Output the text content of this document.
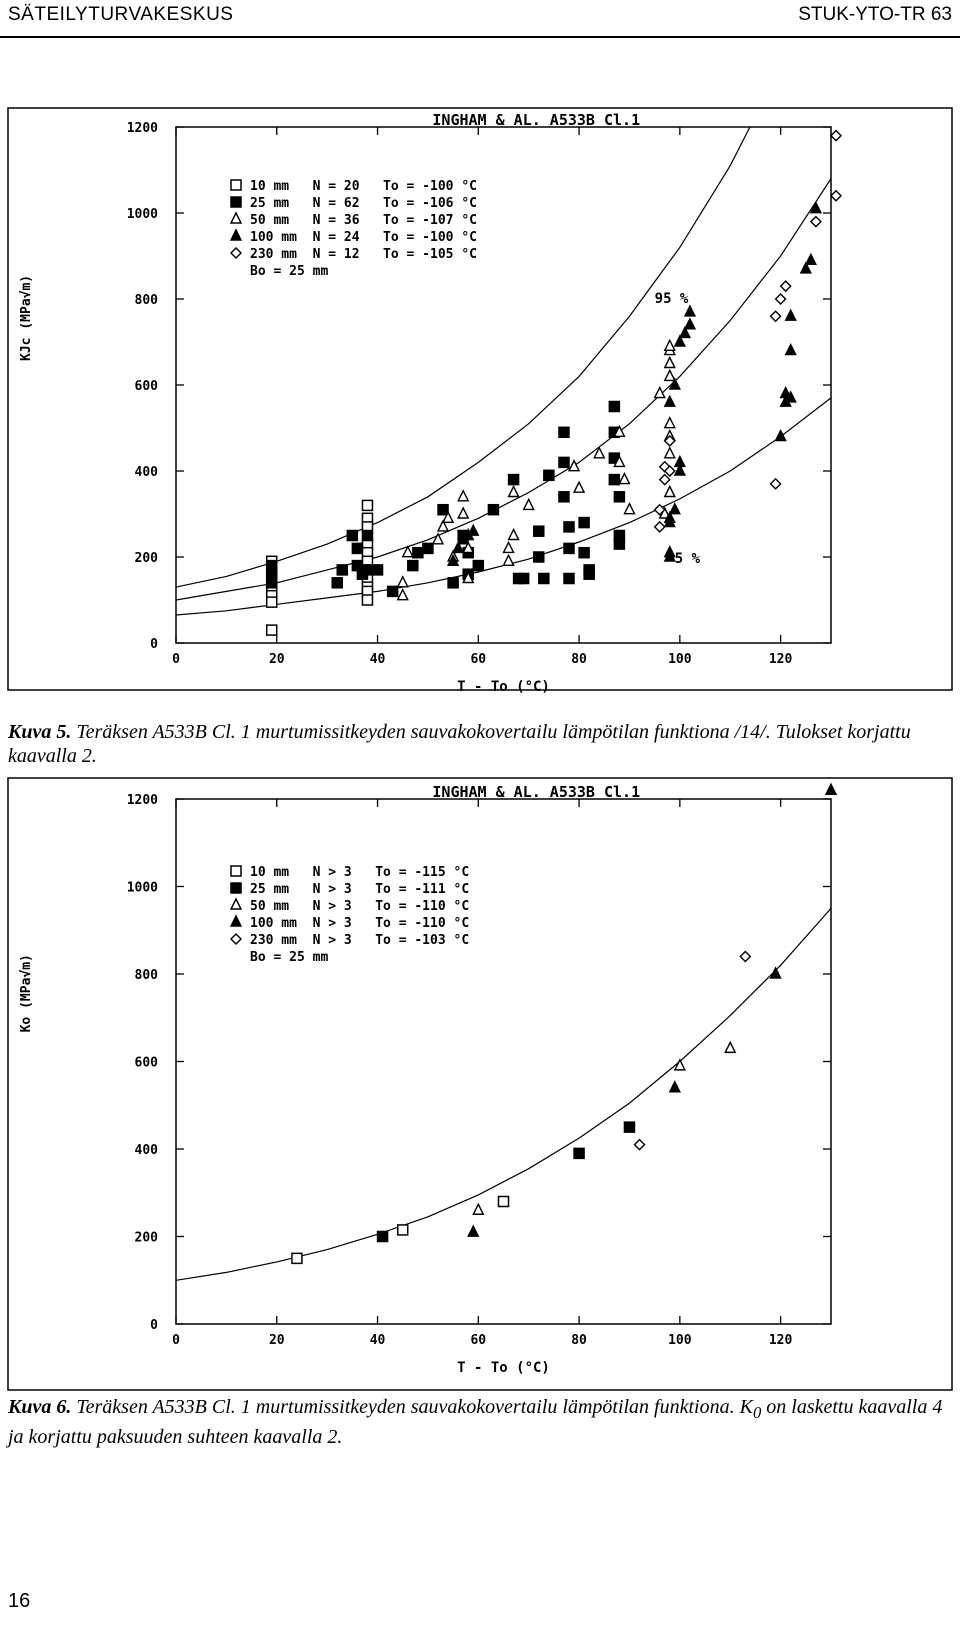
SÄTEILYTURVAKESKUS	STUK-YTO-TR 63
INGHAM & AL. A533B Cl.1
0	20	40	60	80	100	120
0
200
400
600
800
1000
1200
T - To (°C)
KJc (MPa√m)
10 mm   N = 20   To = -100 °C
25 mm   N = 62   To = -106 °C
50 mm   N = 36   To = -107 °C
100 mm  N = 24   To = -100 °C
230 mm  N = 12   To = -105 °C
Bo = 25 mm
95 %
5 %
Kuva 5. Teräksen A533B Cl. 1 murtumissitkeyden sauvakokovertailu lämpötilan funktiona /14/. Tulokset korjattu kaavalla 2.
INGHAM & AL. A533B Cl.1
0	20	40	60	80	100	120
0
200
400
600
800
1000
1200
T - To (°C)
Ko (MPa√m)
10 mm   N > 3   To = -115 °C
25 mm   N > 3   To = -111 °C
50 mm   N > 3   To = -110 °C
100 mm  N > 3   To = -110 °C
230 mm  N > 3   To = -103 °C
Bo = 25 mm
Kuva 6. Teräksen A533B Cl. 1 murtumissitkeyden sauvakokovertailu lämpötilan funktiona. $K_0$ on laskettu kaavalla 4 ja korjattu paksuuden suhteen kaavalla 2.
16
